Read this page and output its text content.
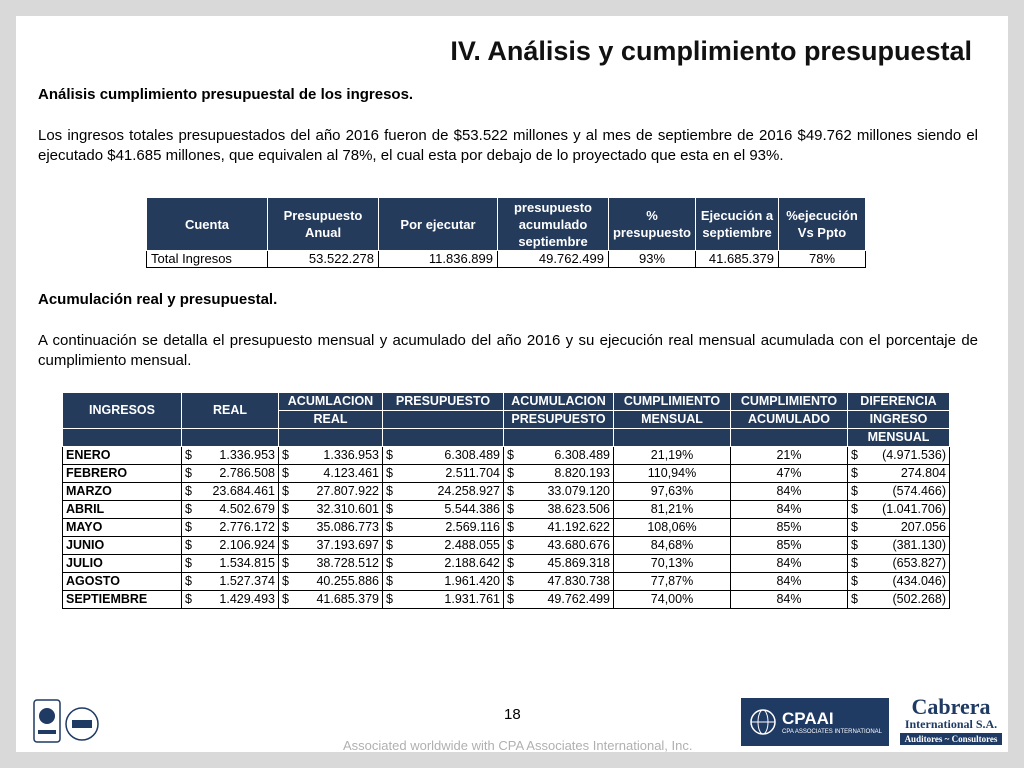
IV. Análisis y cumplimiento presupuestal
Análisis cumplimiento presupuestal de los ingresos.
Los ingresos totales presupuestados del año 2016 fueron de $53.522 millones y al mes de septiembre de 2016 $49.762 millones siendo el ejecutado $41.685 millones, que equivalen al 78%, el cual esta por debajo de lo proyectado que esta en el 93%.
Cuenta	Presupuesto Anual	Por ejecutar	presupuesto acumulado septiembre	% presupuesto	Ejecución a septiembre	%ejecución Vs Ppto
Total Ingresos	53.522.278	11.836.899	49.762.499	93%	41.685.379	78%
Acumulación real y presupuestal.
A continuación se detalla el presupuesto mensual y acumulado del año 2016 y su ejecución real mensual acumulada con el porcentaje de cumplimiento mensual.
INGRESOS	REAL	ACUMLACION	PRESUPUESTO	ACUMULACION	CUMPLIMIENTO	CUMPLIMIENTO	DIFERENCIA
		REAL		PRESUPUESTO	MENSUAL	ACUMULADO	INGRESO
							MENSUAL
ENERO	$ 1.336.953	$ 1.336.953	$ 6.308.489	$ 6.308.489	21,19%	21%	$ (4.971.536)

FEBRERO	$ 2.786.508	$ 4.123.461	$ 2.511.704	$ 8.820.193	110,94%	47%	$ 274.804

MARZO	$ 23.684.461	$ 27.807.922	$ 24.258.927	$ 33.079.120	97,63%	84%	$ (574.466)

ABRIL	$ 4.502.679	$ 32.310.601	$ 5.544.386	$ 38.623.506	81,21%	84%	$ (1.041.706)

MAYO	$ 2.776.172	$ 35.086.773	$ 2.569.116	$ 41.192.622	108,06%	85%	$ 207.056

JUNIO	$ 2.106.924	$ 37.193.697	$ 2.488.055	$ 43.680.676	84,68%	85%	$ (381.130)

JULIO	$ 1.534.815	$ 38.728.512	$ 2.188.642	$ 45.869.318	70,13%	84%	$ (653.827)

AGOSTO	$ 1.527.374	$ 40.255.886	$ 1.961.420	$ 47.830.738	77,87%	84%	$ (434.046)

SEPTIEMBRE	$ 1.429.493	$ 41.685.379	$ 1.931.761	$ 49.762.499	74,00%	84%	$ (502.268)
18
Associated worldwide with CPA Associates International, Inc.
CPAAI
CPA ASSOCIATES INTERNATIONAL
Cabrera
International S.A.
Auditores ~ Consultores
